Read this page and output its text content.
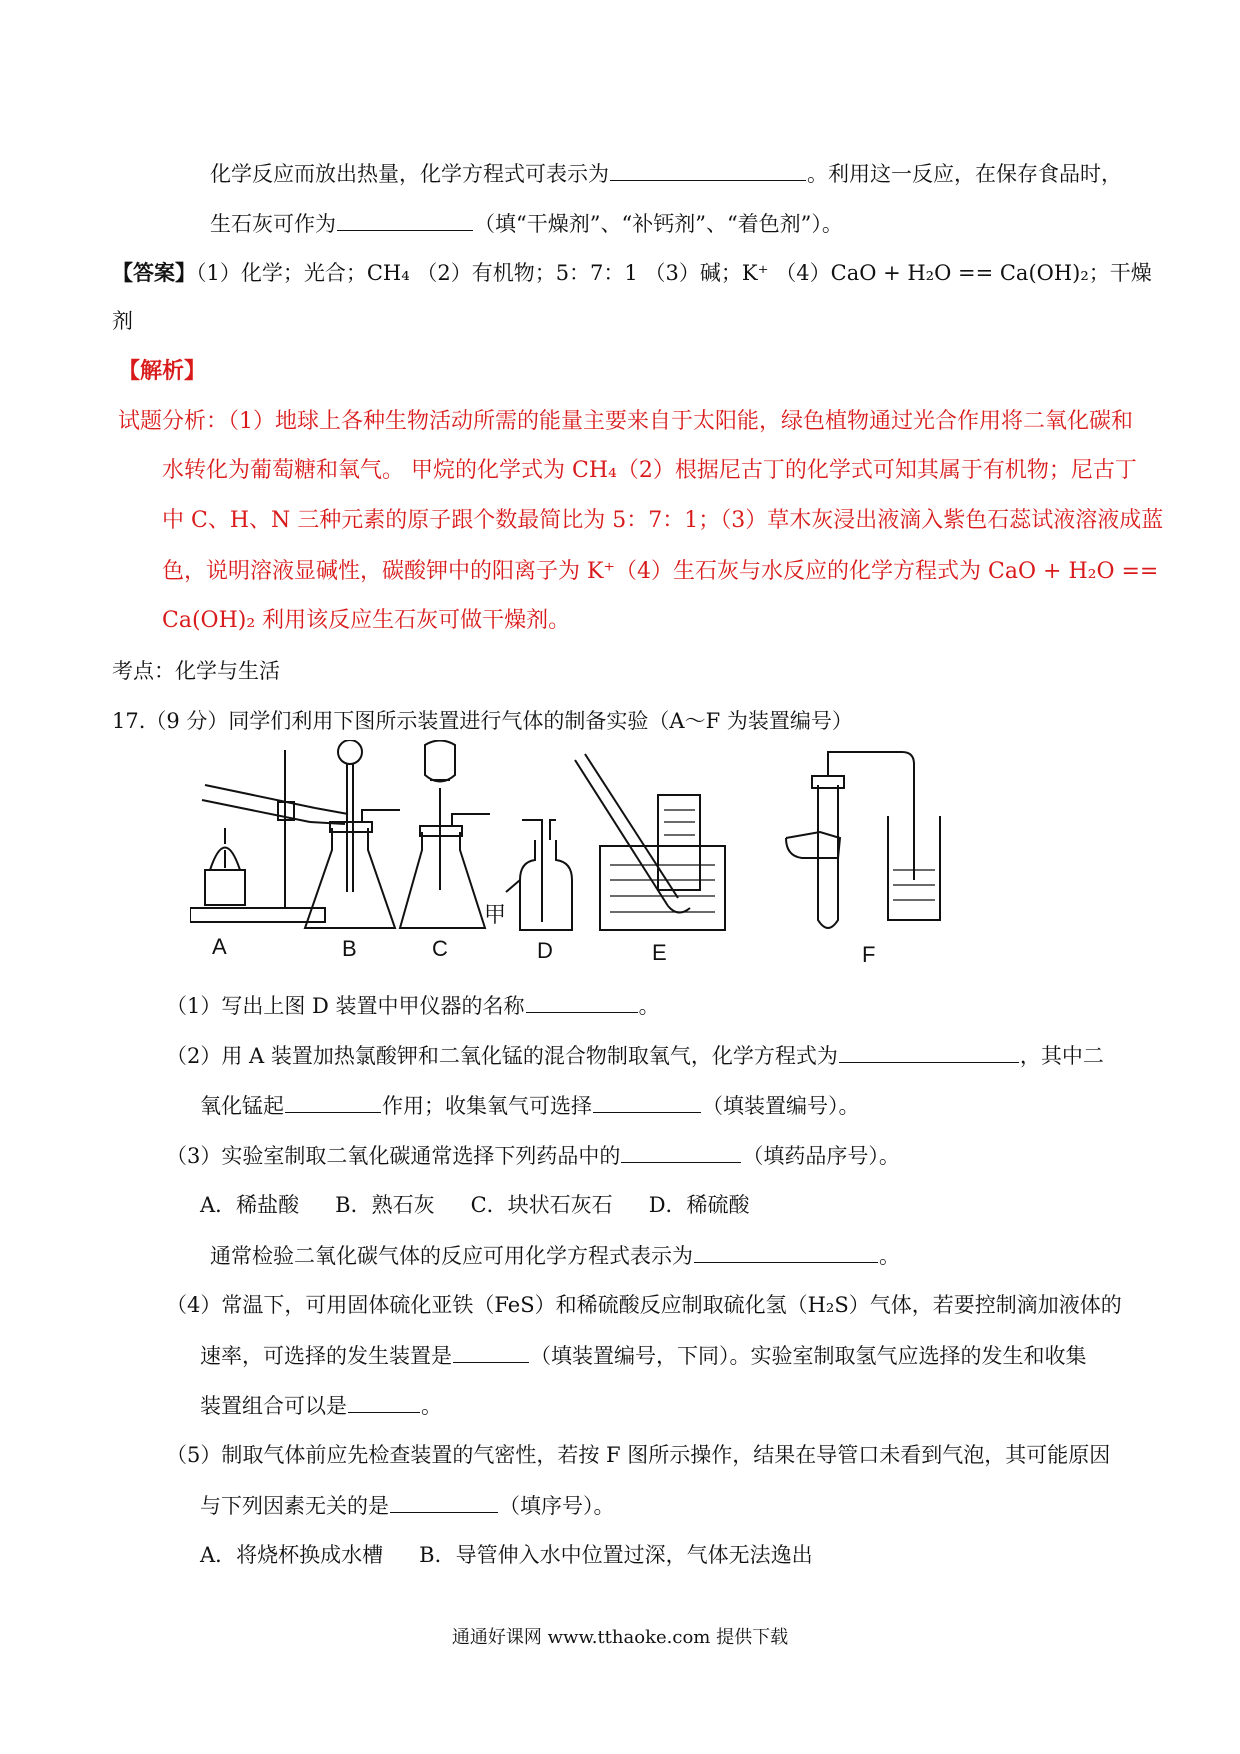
化学反应而放出热量，化学方程式可表示为	。利用这一反应，在保存食品时，
生石灰可作为	（填“干燥剂”、“补钙剂”、“着色剂”）。
【答案】（1）化学；光合；CH₄ （2）有机物；5：7：1 （3）碱；K⁺ （4）CaO + H₂O == Ca(OH)₂；干燥
剂
【解析】
试题分析：（1）地球上各种生物活动所需的能量主要来自于太阳能，绿色植物通过光合作用将二氧化碳和
水转化为葡萄糖和氧气。 甲烷的化学式为 CH₄（2）根据尼古丁的化学式可知其属于有机物；尼古丁
中 C、H、N 三种元素的原子跟个数最简比为 5：7：1；（3）草木灰浸出液滴入紫色石蕊试液溶液成蓝
色，说明溶液显碱性，碳酸钾中的阳离子为 K⁺（4）生石灰与水反应的化学方程式为 CaO + H₂O ==
Ca(OH)₂ 利用该反应生石灰可做干燥剂。
考点：化学与生活
17.（9 分）同学们利用下图所示装置进行气体的制备实验（A～F 为装置编号）
A	B	C	D	E	F
甲
（1）写出上图 D 装置中甲仪器的名称	。
（2）用 A 装置加热氯酸钾和二氧化锰的混合物制取氧气，化学方程式为	，其中二
氧化锰起	作用；收集氧气可选择	（填装置编号）。
（3）实验室制取二氧化碳通常选择下列药品中的	（填药品序号）。
A．稀盐酸 B．熟石灰 C．块状石灰石 D．稀硫酸
通常检验二氧化碳气体的反应可用化学方程式表示为	。
（4）常温下，可用固体硫化亚铁（FeS）和稀硫酸反应制取硫化氢（H₂S）气体，若要控制滴加液体的
速率，可选择的发生装置是	（填装置编号，下同）。实验室制取氢气应选择的发生和收集
装置组合可以是	。
（5）制取气体前应先检查装置的气密性，若按 F 图所示操作，结果在导管口未看到气泡，其可能原因
与下列因素无关的是	（填序号）。
A．将烧杯换成水槽 B．导管伸入水中位置过深，气体无法逸出
通通好课网 www.tthaoke.com 提供下载
